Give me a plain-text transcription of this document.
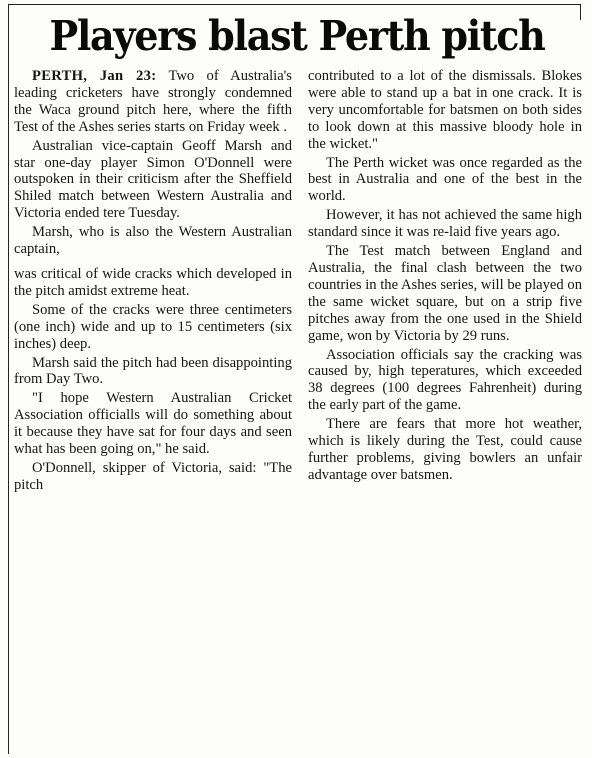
Players blast Perth pitch

PERTH, Jan 23: Two of Australia's leading cricketers have strongly condemned the Waca ground pitch here, where the fifth Test of the Ashes series starts on Friday week .

Australian vice-captain Geoff Marsh and star one-day player Simon O'Donnell were outspoken in their criticism after the Sheffield Shiled match between Western Australia and Victoria ended tere Tuesday.

Marsh, who is also the Western Australian captain,

was critical of wide cracks which developed in the pitch amidst extreme heat.

Some of the cracks were three centimeters (one inch) wide and up to 15 centimeters (six inches) deep.

Marsh said the pitch had been disappointing from Day Two.

"I hope Western Australian Cricket Association officialls will do something about it because they have sat for four days and seen what has been going on," he said.

O'Donnell, skipper of Victoria, said: "The pitch

contributed to a lot of the dismissals. Blokes were able to stand up a bat in one crack. It is very uncomfortable for batsmen on both sides to look down at this massive bloody hole in the wicket."

The Perth wicket was once regarded as the best in Australia and one of the best in the world.

However, it has not achieved the same high standard since it was re-laid five years ago.

The Test match between England and Australia, the final clash between the two countries in the Ashes series, will be played on the same wicket square, but on a strip five pitches away from the one used in the Shield game, won by Victoria by 29 runs.

Association officials say the cracking was caused by, high teperatures, which exceeded 38 degrees (100 degrees Fahrenheit) during the early part of the game.

There are fears that more hot weather, which is likely during the Test, could cause further problems, giving bowlers an unfair advantage over batsmen.
